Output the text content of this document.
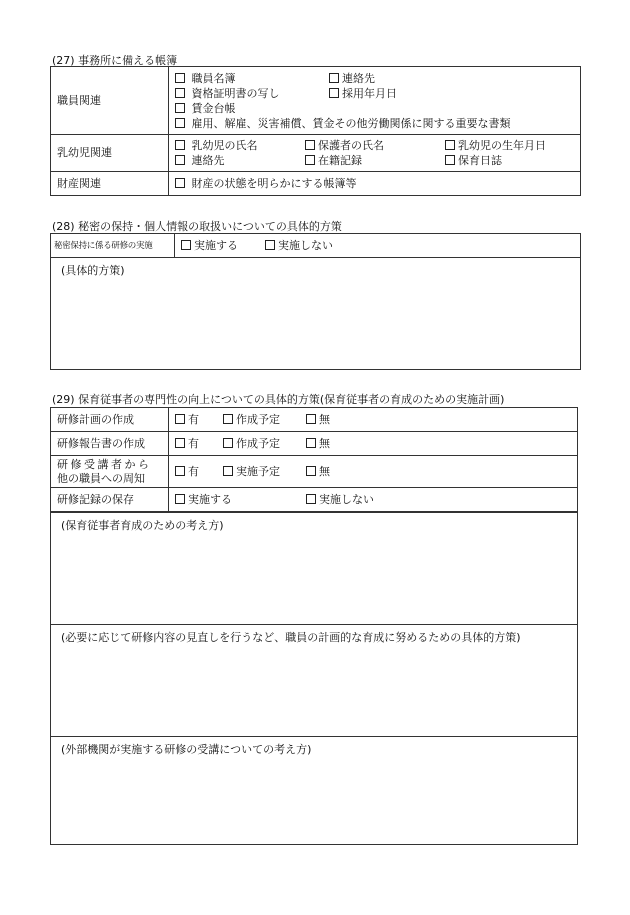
(27) 事務所に備える帳簿
職員関連	職員名簿 連絡先
資格証明書の写し 採用年月日
賃金台帳
雇用、解雇、災害補償、賃金その他労働関係に関する重要な書類

乳幼児関連	乳幼児の氏名 保護者の氏名 乳幼児の生年月日
連絡先 在籍記録 保育日誌

財産関連	財産の状態を明らかにする帳簿等
(28) 秘密の保持・個人情報の取扱いについての具体的方策
秘密保持に係る研修の実施	実施する	実施しない
(具体的方策)
(29) 保育従事者の専門性の向上についての具体的方策(保育従事者の育成のための実施計画)
研修計画の作成	有 作成予定 無
研修報告書の作成	有 作成予定 無

研修受講者から
他の職員への周知	有 実施予定 無
研修記録の保存	実施する 実施しない
(保育従事者育成のための考え方)
(必要に応じて研修内容の見直しを行うなど、職員の計画的な育成に努めるための具体的方策)
(外部機関が実施する研修の受講についての考え方)
